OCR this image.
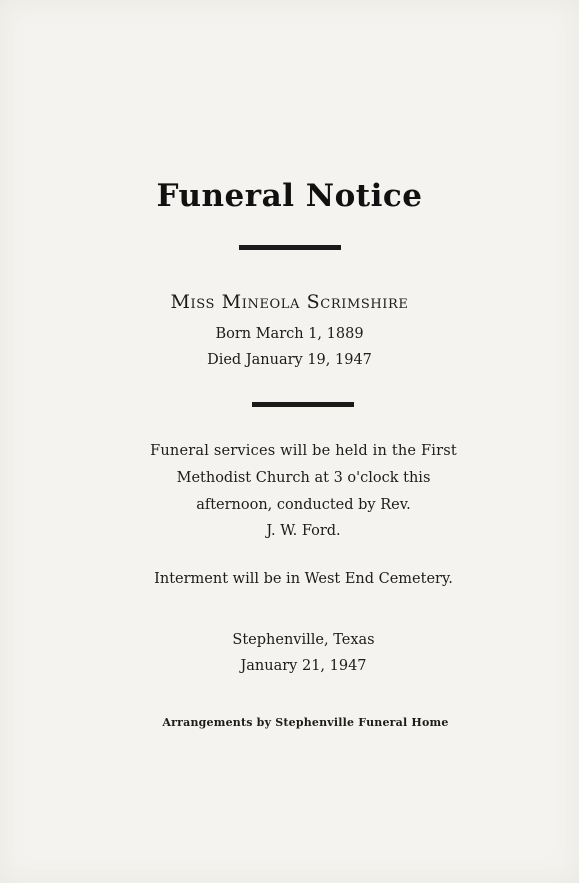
Funeral Notice
Miss Mineola Scrimshire
Born March 1, 1889
Died January 19, 1947
Funeral services will be held in the First
Methodist Church at 3 o'clock this
afternoon, conducted by Rev.
J. W. Ford.
Interment will be in West End Cemetery.
Stephenville, Texas
January 21, 1947
Arrangements by Stephenville Funeral Home
